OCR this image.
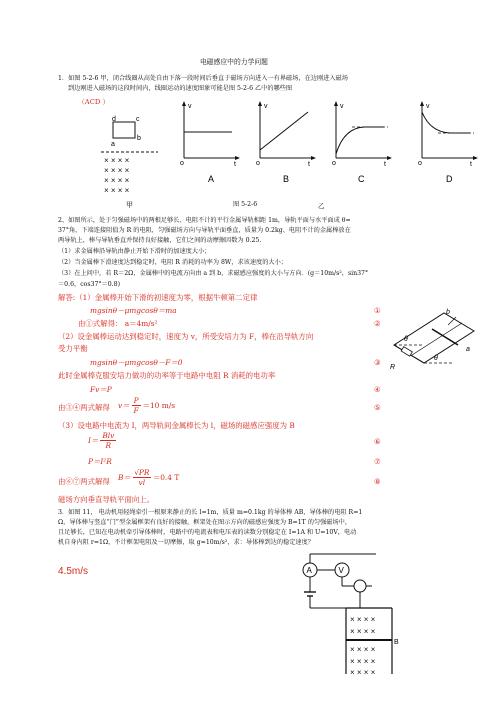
电磁感应中的力学问题
1．如图 5-2-6 甲，闭合线圈从高处自由下落一段时间后垂直于磁场方向进入一有界磁场，在边刚进入磁场
到边刚进入磁场的这段时间内，线圈运动的速度图象可能是图 5-2-6 乙中的哪些图
（ACD ）
d	c
a
b
× × × ×
× × × ×
× × × ×
× × × ×
甲
v
o	t
A
v
o	t
B
v
o	t
C
v
o	t
D
乙
图 5-2-6
2、如图所示，处于匀强磁场中的两根足够长、电阻不计的平行金属导轨相距 1m，导轨平面与水平面成 θ=
37°角，下端连接阻值为 R 的电阻，匀强磁场方向与导轨平面垂直，质量为 0.2kg、电阻不计的金属棒放在
两导轨上，棒与导轨垂直并保持良好接触，它们之间的动摩擦因数为 0.25.
（1）求金属棒沿导轨由静止开始下滑时的加速度大小；
（2）当金属棒下滑速度达到稳定时，电阻 R 消耗的功率为 8W，求该速度的大小；
（3）在上问中，若 R＝2Ω，金属棒中的电流方向由 a 到 b，求磁感应强度的大小与方向．(g＝10m/s²，sin37°
＝0.6，cos37°＝0.8)
解答:（1）金属棒开始下滑的初速度为零，根据牛顿第二定律
mgsinθ－μmgcosθ＝ma	①
由①式解得： a＝4m/s²	②
（2）设金属棒运动达到稳定时，速度为 v，所受安培力为 F，棒在沿导轨方向
受力平衡
mgsinθ－μmgcosθ－F＝0	③
此时金属棒克服安培力做功的功率等于电路中电阻 R 消耗的电功率
Fv＝P	④
由③④两式解得 v＝
P
F
＝10 m/s	⑤
（3）设电路中电流为 I，两导轨间金属棒长为 l，磁场的磁感应强度为 B
I＝
Blv
R	⑥
P＝I²R	⑦
由⑥⑦两式解得 B＝
√PR
vl
＝0.4 T	⑧
磁场方向垂直导轨平面向上。
b
a
R
θ
θ
3．如图 11， 电动机用轻绳牵引一根原来静止的长 l=1m，质量 m=0.1kg 的导体棒 AB，导体棒的电阻 R=1
Ω，导体棒与竖直“门”型金属框架有良好的接触，框架处在图示方向的磁感应强度为 B=1T 的匀强磁场中，
且足够长，已知在电动机牵引导体棒时，电路中的电流表和电压表的读数分别稳定在 I=1A 和 U=10V，电动
机自身内阻 r=1Ω，不计框架电阻及一切摩擦，取 g=10m/s²，求：导体棒到达的稳定速度？
4.5m/s	A	V
B
× × × ×
× × × ×
× × × ×
× × × ×
× × × ×
